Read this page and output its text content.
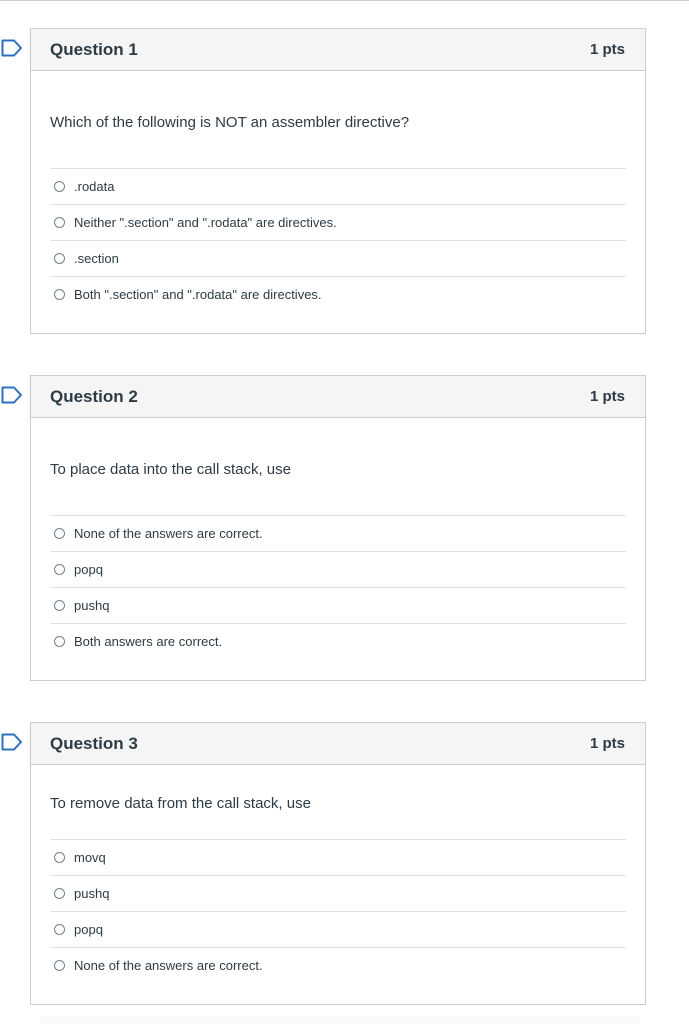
Question 1	1 pts
Which of the following is NOT an assembler directive?
.rodata
Neither ".section" and ".rodata" are directives.
.section
Both ".section" and ".rodata" are directives.
Question 2	1 pts
To place data into the call stack, use
None of the answers are correct.
popq
pushq
Both answers are correct.
Question 3	1 pts
To remove data from the call stack, use
movq
pushq
popq
None of the answers are correct.
